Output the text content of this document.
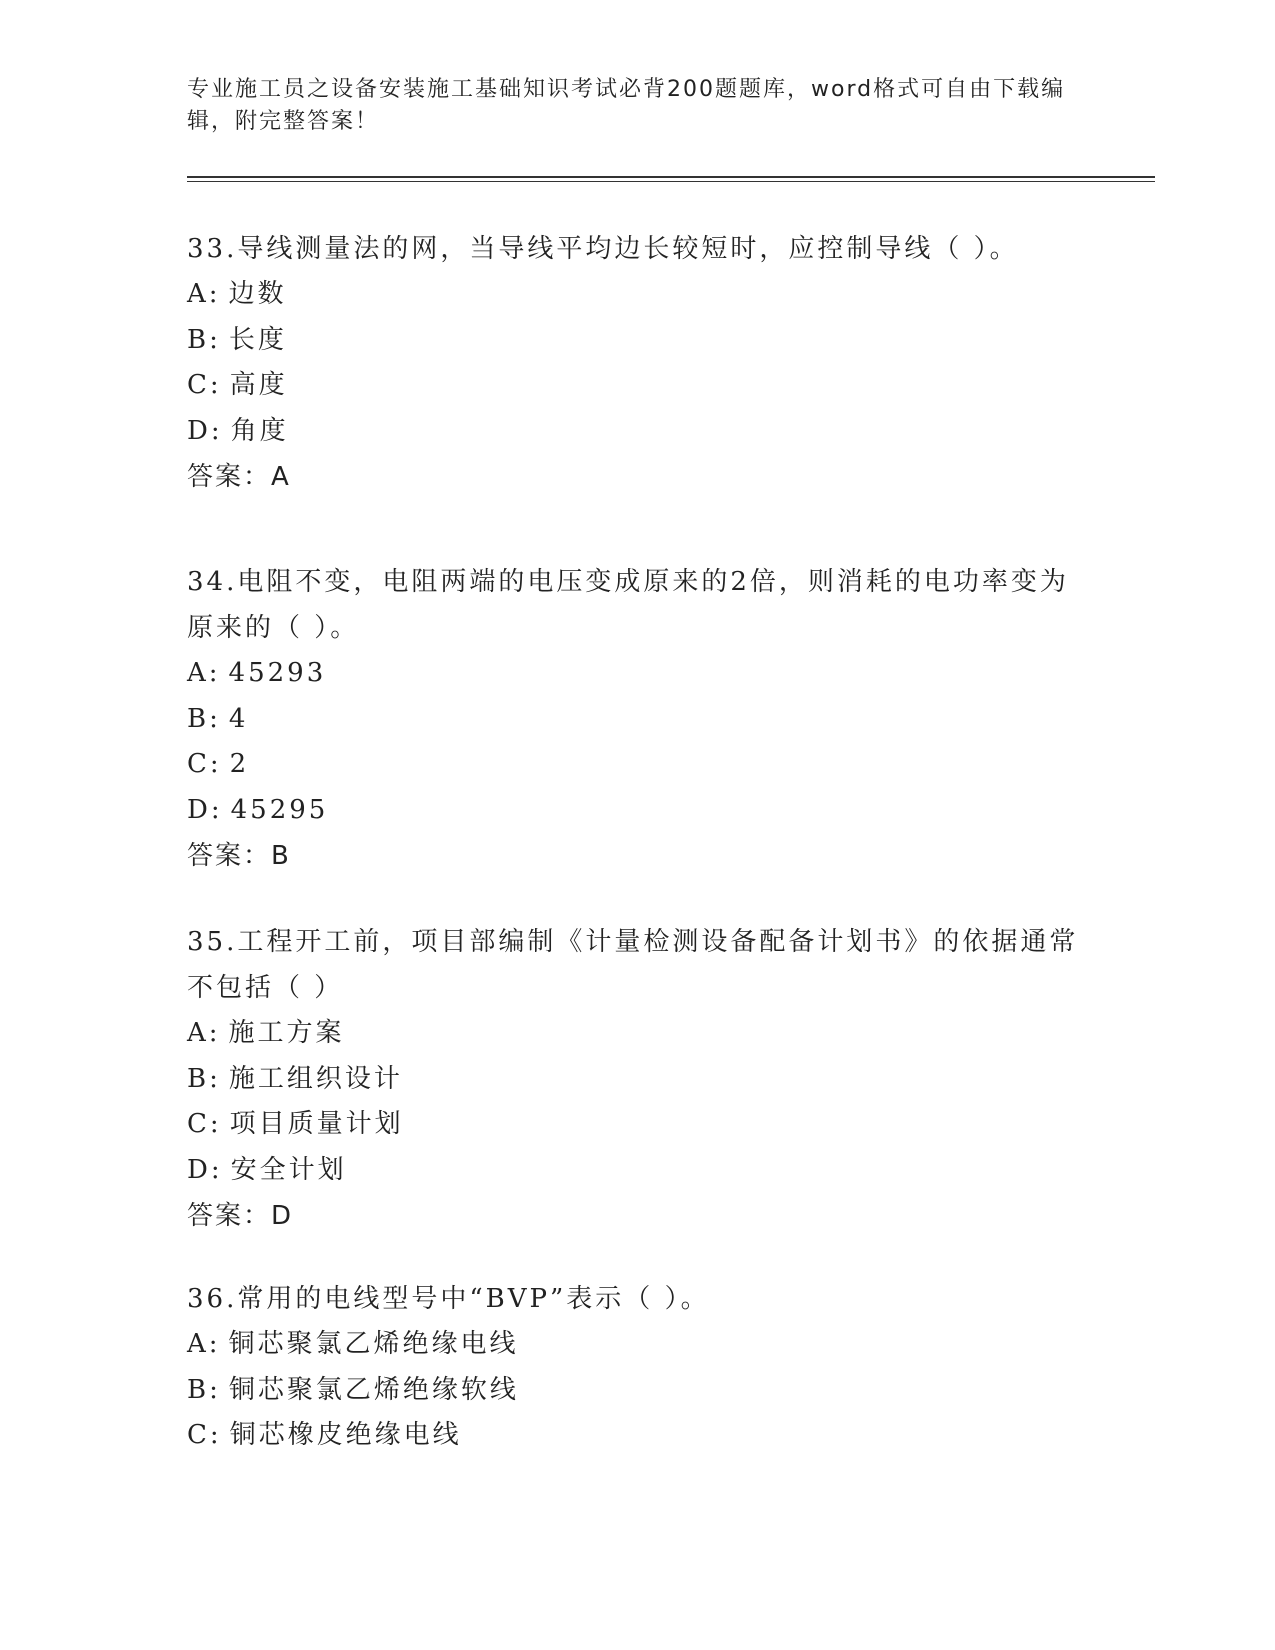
专业施工员之设备安装施工基础知识考试必背200题题库，word格式可自由下载编辑，附完整答案！

33.导线测量法的网，当导线平均边长较短时，应控制导线（ ）。

A: 边数

B: 长度

C: 高度

D: 角度

答案：A

34.电阻不变，电阻两端的电压变成原来的2倍，则消耗的电功率变为原来的（ ）。

A: 45293

B: 4

C: 2

D: 45295

答案：B

35.工程开工前，项目部编制《计量检测设备配备计划书》的依据通常不包括（ ）

A: 施工方案

B: 施工组织设计

C: 项目质量计划

D: 安全计划

答案：D

36.常用的电线型号中“BVP”表示（ ）。

A: 铜芯聚氯乙烯绝缘电线

B: 铜芯聚氯乙烯绝缘软线

C: 铜芯橡皮绝缘电线
